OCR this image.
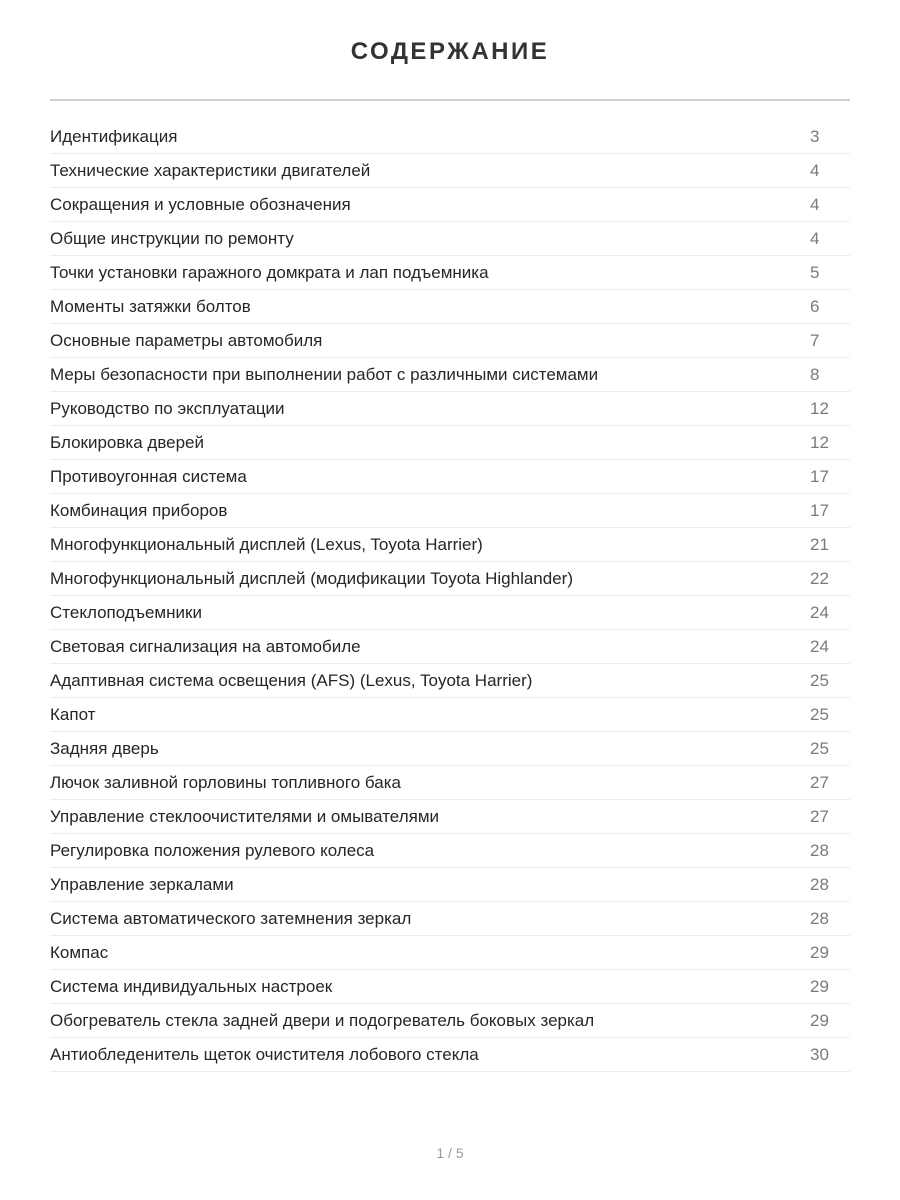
СОДЕРЖАНИЕ
Идентификация	3
Технические характеристики двигателей	4
Сокращения и условные обозначения	4
Общие инструкции по ремонту	4
Точки установки гаражного домкрата и лап подъемника	5
Моменты затяжки болтов	6
Основные параметры автомобиля	7
Меры безопасности при выполнении работ с различными системами	8
Руководство по эксплуатации	12
Блокировка дверей	12
Противоугонная система	17
Комбинация приборов	17
Многофункциональный дисплей (Lexus, Toyota Harrier)	21
Многофункциональный дисплей (модификации Toyota Highlander)	22
Стеклоподъемники	24
Световая сигнализация на автомобиле	24
Адаптивная система освещения (AFS) (Lexus, Toyota Harrier)	25
Капот	25
Задняя дверь	25
Лючок заливной горловины топливного бака	27
Управление стеклоочистителями и омывателями	27
Регулировка положения рулевого колеса	28
Управление зеркалами	28
Система автоматического затемнения зеркал	28
Компас	29
Система индивидуальных настроек	29
Обогреватель стекла задней двери и подогреватель боковых зеркал	29
Антиобледенитель щеток очистителя лобового стекла	30
1 / 5
